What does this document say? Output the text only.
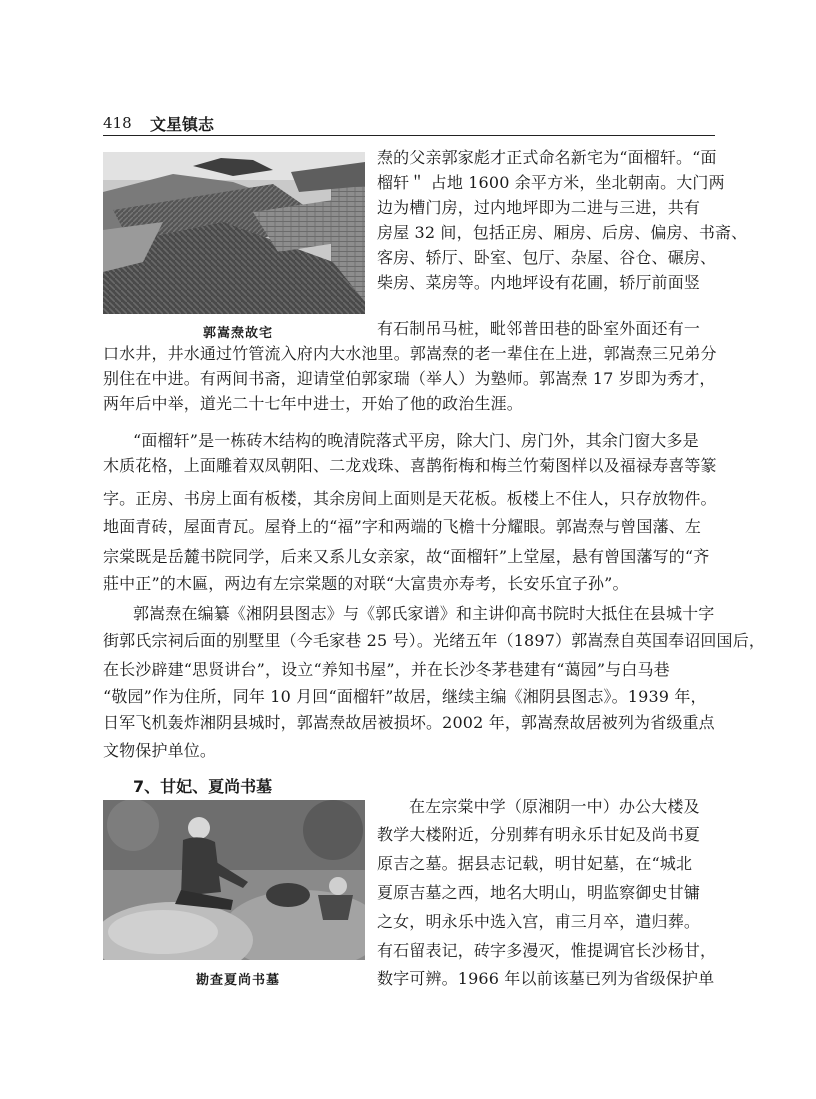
418 文星镇志
郭嵩焘故宅
焘的父亲郭家彪才正式命名新宅为“面榴轩。“面
榴轩＂ 占地 1600 余平方米，坐北朝南。大门两
边为槽门房，过内地坪即为二进与三进，共有
房屋 32 间，包括正房、厢房、后房、偏房、书斋、
客房、轿厅、卧室、包厅、杂屋、谷仓、碾房、
柴房、菜房等。内地坪设有花圃，轿厅前面竖
有石制吊马桩，毗邻普田巷的卧室外面还有一
口水井，井水通过竹管流入府内大水池里。郭嵩焘的老一辈住在上进，郭嵩焘三兄弟分
别住在中进。有两间书斋，迎请堂伯郭家瑞（举人）为塾师。郭嵩焘 17 岁即为秀才，
两年后中举，道光二十七年中进士，开始了他的政治生涯。
“面榴轩”是一栋砖木结构的晚清院落式平房，除大门、房门外，其余门窗大多是
木质花格，上面雕着双凤朝阳、二龙戏珠、喜鹊衔梅和梅兰竹菊图样以及福禄寿喜等篆
字。正房、书房上面有板楼，其余房间上面则是天花板。板楼上不住人，只存放物件。
地面青砖，屋面青瓦。屋脊上的“福”字和两端的飞檐十分耀眼。郭嵩焘与曾国藩、左
宗棠既是岳麓书院同学，后来又系儿女亲家，故“面榴轩”上堂屋，悬有曾国藩写的“齐
莊中正”的木匾，两边有左宗棠题的对联“大富贵亦寿考，长安乐宜子孙”。
郭嵩焘在编纂《湘阴县图志》与《郭氏家谱》和主讲仰高书院时大抵住在县城十字
街郭氏宗祠后面的别墅里（今毛家巷 25 号）。光绪五年（1897）郭嵩焘自英国奉诏回国后，
在长沙辟建“思贤讲台”，设立“养知书屋”，并在长沙冬茅巷建有“蔼园”与白马巷
“敬园”作为住所，同年 10 月回“面榴轩”故居，继续主编《湘阴县图志》。1939 年，
日军飞机轰炸湘阴县城时，郭嵩焘故居被损坏。2002 年，郭嵩焘故居被列为省级重点
文物保护单位。
7、甘妃、夏尚书墓
勘查夏尚书墓
在左宗棠中学（原湘阴一中）办公大楼及
教学大楼附近，分别葬有明永乐甘妃及尚书夏
原吉之墓。据县志记载，明甘妃墓，在“城北
夏原吉墓之西，地名大明山，明监察御史甘镛
之女，明永乐中选入宫，甫三月卒，遣归葬。
有石留表记，砖字多漫灭，惟提调官长沙杨甘，
数字可辨。1966 年以前该墓已列为省级保护单
